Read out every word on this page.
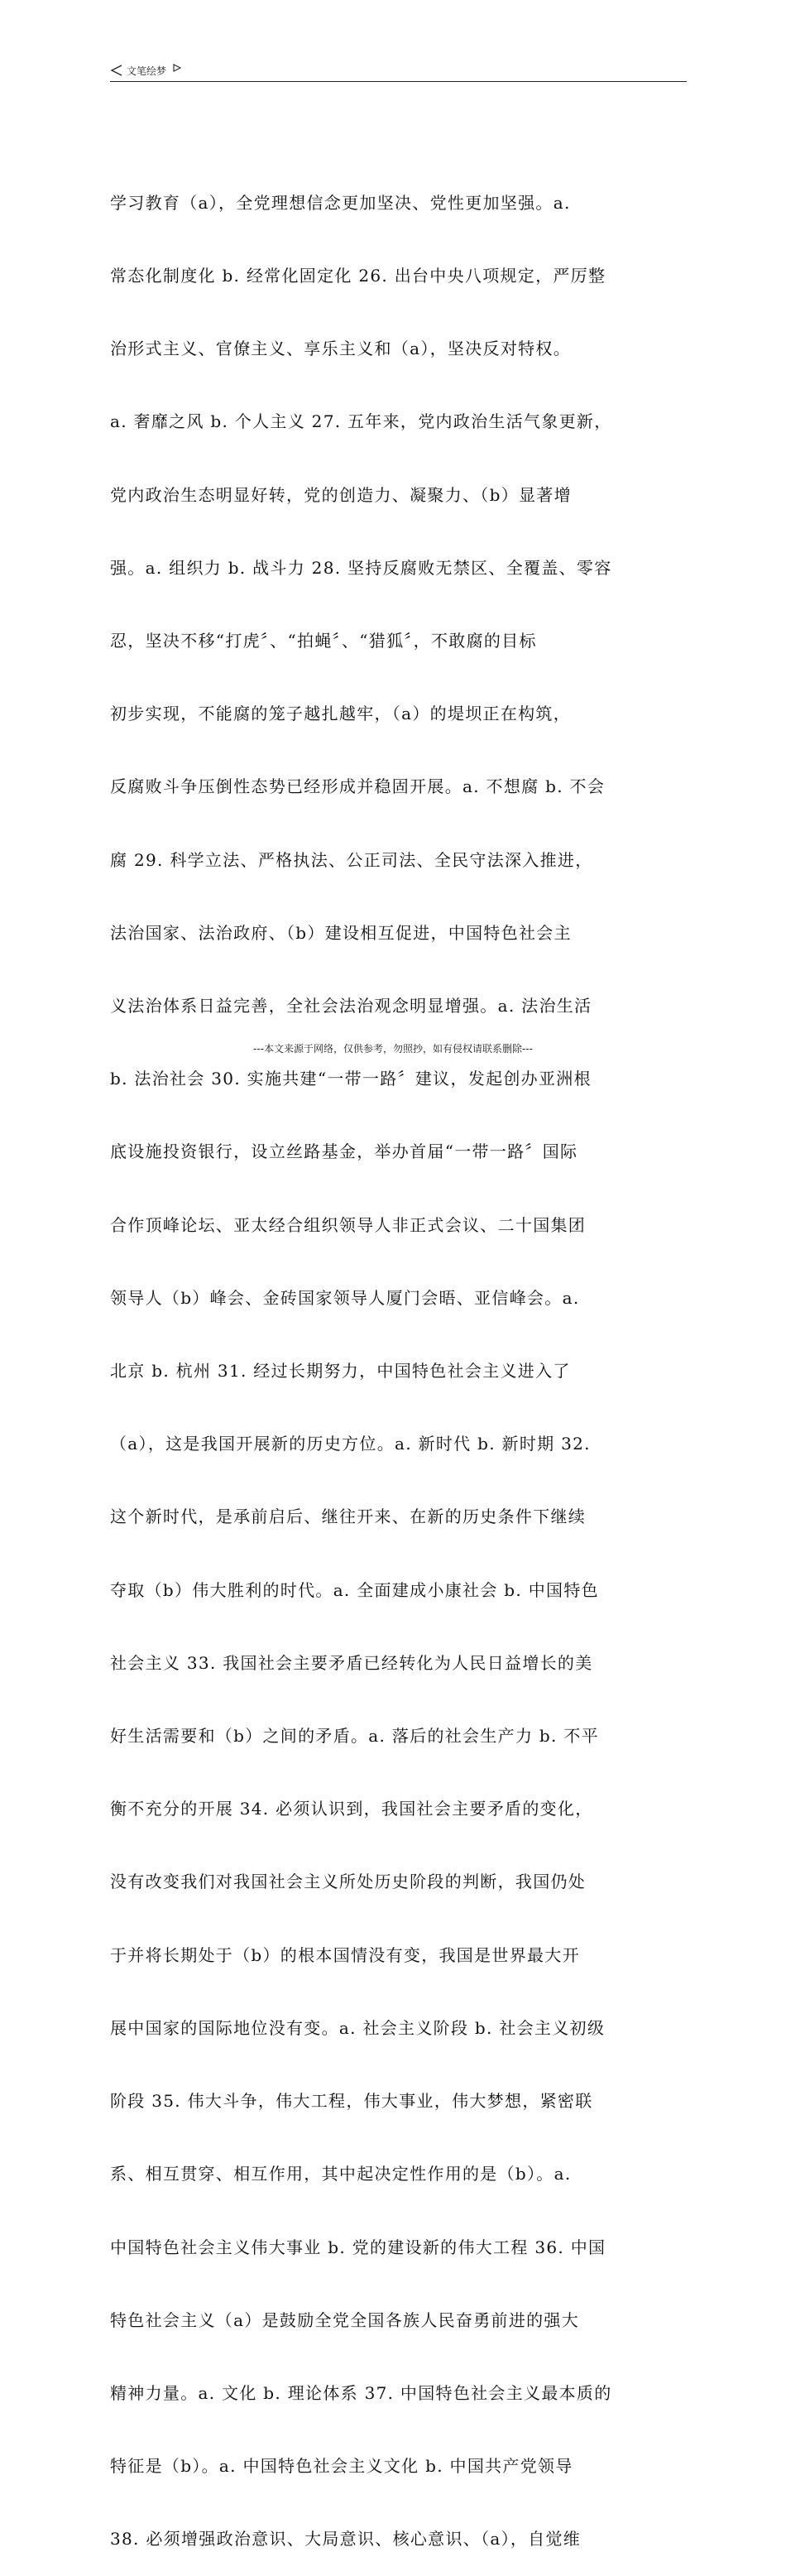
文笔绘梦

学习教育（a），全党理想信念更加坚决、党性更加坚强。a.

常态化制度化 b. 经常化固定化 26. 出台中央八项规定，严厉整

治形式主义、官僚主义、享乐主义和（a），坚决反对特权。

a. 奢靡之风 b. 个人主义 27. 五年来，党内政治生活气象更新，

党内政治生态明显好转，党的创造力、凝聚力、（b）显著增

强。a. 组织力 b. 战斗力 28. 坚持反腐败无禁区、全覆盖、零容

忍，坚决不移“打虎〞、“拍蝇〞、“猎狐〞，不敢腐的目标

初步实现，不能腐的笼子越扎越牢，（a）的堤坝正在构筑，

反腐败斗争压倒性态势已经形成并稳固开展。a. 不想腐 b. 不会

腐 29. 科学立法、严格执法、公正司法、全民守法深入推进，

法治国家、法治政府、（b）建设相互促进，中国特色社会主

义法治体系日益完善，全社会法治观念明显增强。a. 法治生活

b. 法治社会 30. 实施共建“一带一路〞建议，发起创办亚洲根

底设施投资银行，设立丝路基金，举办首届“一带一路〞国际

合作顶峰论坛、亚太经合组织领导人非正式会议、二十国集团

领导人（b）峰会、金砖国家领导人厦门会晤、亚信峰会。a.

北京 b. 杭州 31. 经过长期努力，中国特色社会主义进入了

（a），这是我国开展新的历史方位。a. 新时代 b. 新时期 32.

这个新时代，是承前启后、继往开来、在新的历史条件下继续

夺取（b）伟大胜利的时代。a. 全面建成小康社会 b. 中国特色

社会主义 33. 我国社会主要矛盾已经转化为人民日益增长的美

好生活需要和（b）之间的矛盾。a. 落后的社会生产力 b. 不平

衡不充分的开展 34. 必须认识到，我国社会主要矛盾的变化，

没有改变我们对我国社会主义所处历史阶段的判断，我国仍处

于并将长期处于（b）的根本国情没有变，我国是世界最大开

展中国家的国际地位没有变。a. 社会主义阶段 b. 社会主义初级

阶段 35. 伟大斗争，伟大工程，伟大事业，伟大梦想，紧密联

系、相互贯穿、相互作用，其中起决定性作用的是（b）。a.

中国特色社会主义伟大事业 b. 党的建设新的伟大工程 36. 中国

特色社会主义（a）是鼓励全党全国各族人民奋勇前进的强大

精神力量。a. 文化 b. 理论体系 37. 中国特色社会主义最本质的

特征是（b）。a. 中国特色社会主义文化 b. 中国共产党领导

38. 必须增强政治意识、大局意识、核心意识、（a），自觉维

---本文来源于网络，仅供参考，勿照抄，如有侵权请联系删除---
